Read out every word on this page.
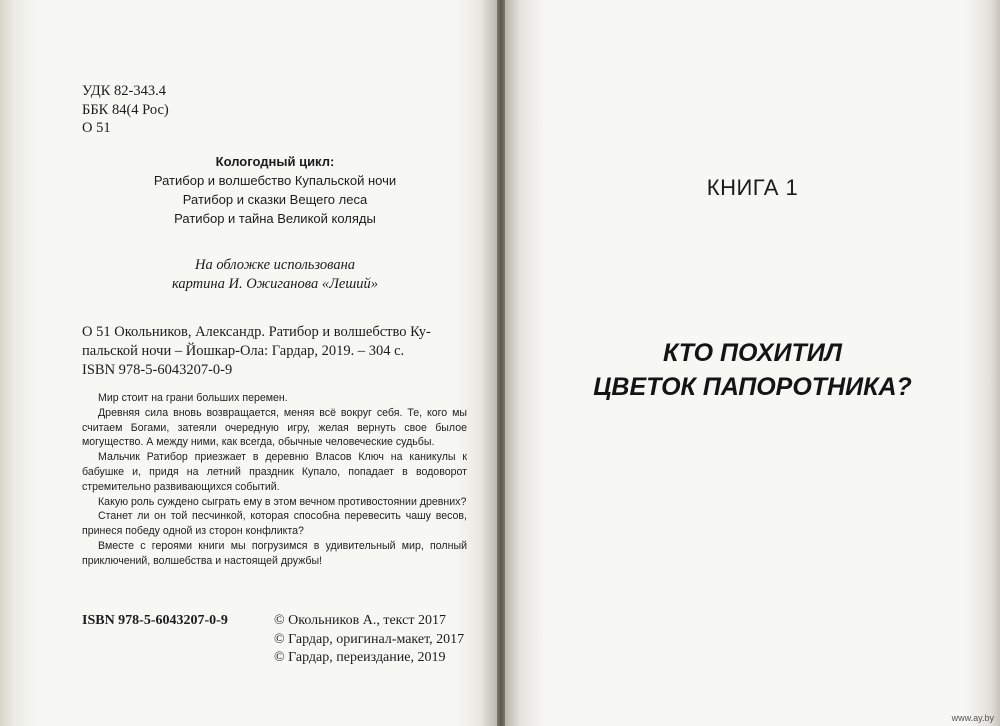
УДК 82-343.4
ББК 84(4 Рос)
О 51
Кологодный цикл:
Ратибор и волшебство Купальской ночи
Ратибор и сказки Вещего леса
Ратибор и тайна Великой коляды
На обложке использована
картина И. Ожиганова «Леший»
О 51 Окольников, Александр. Ратибор и волшебство Ку-
пальской ночи – Йошкар-Ола: Гардар, 2019. – 304 с.
ISBN 978-5-6043207-0-9

Мир стоит на грани больших перемен.

Древняя сила вновь возвращается, меняя всё вокруг себя. Те, кого мы считаем Богами, затеяли очередную игру, желая вернуть свое былое могущество. А между ними, как всегда, обычные человеческие судьбы.

Мальчик Ратибор приезжает в деревню Власов Ключ на каникулы к бабушке и, придя на летний праздник Купало, попадает в водоворот стремительно развивающихся событий.

Какую роль суждено сыграть ему в этом вечном противостоянии древних?

Станет ли он той песчинкой, которая способна перевесить чашу весов, принеся победу одной из сторон конфликта?

Вместе с героями книги мы погрузимся в удивительный мир, полный приключений, волшебства и настоящей дружбы!

ISBN 978-5-6043207-0-9	© Окольников А., текст 2017
© Гардар, оригинал-макет, 2017
© Гардар, переиздание, 2019
КНИГА 1
КТО ПОХИТИЛ
ЦВЕТОК ПАПОРОТНИКА?
www.ay.by
